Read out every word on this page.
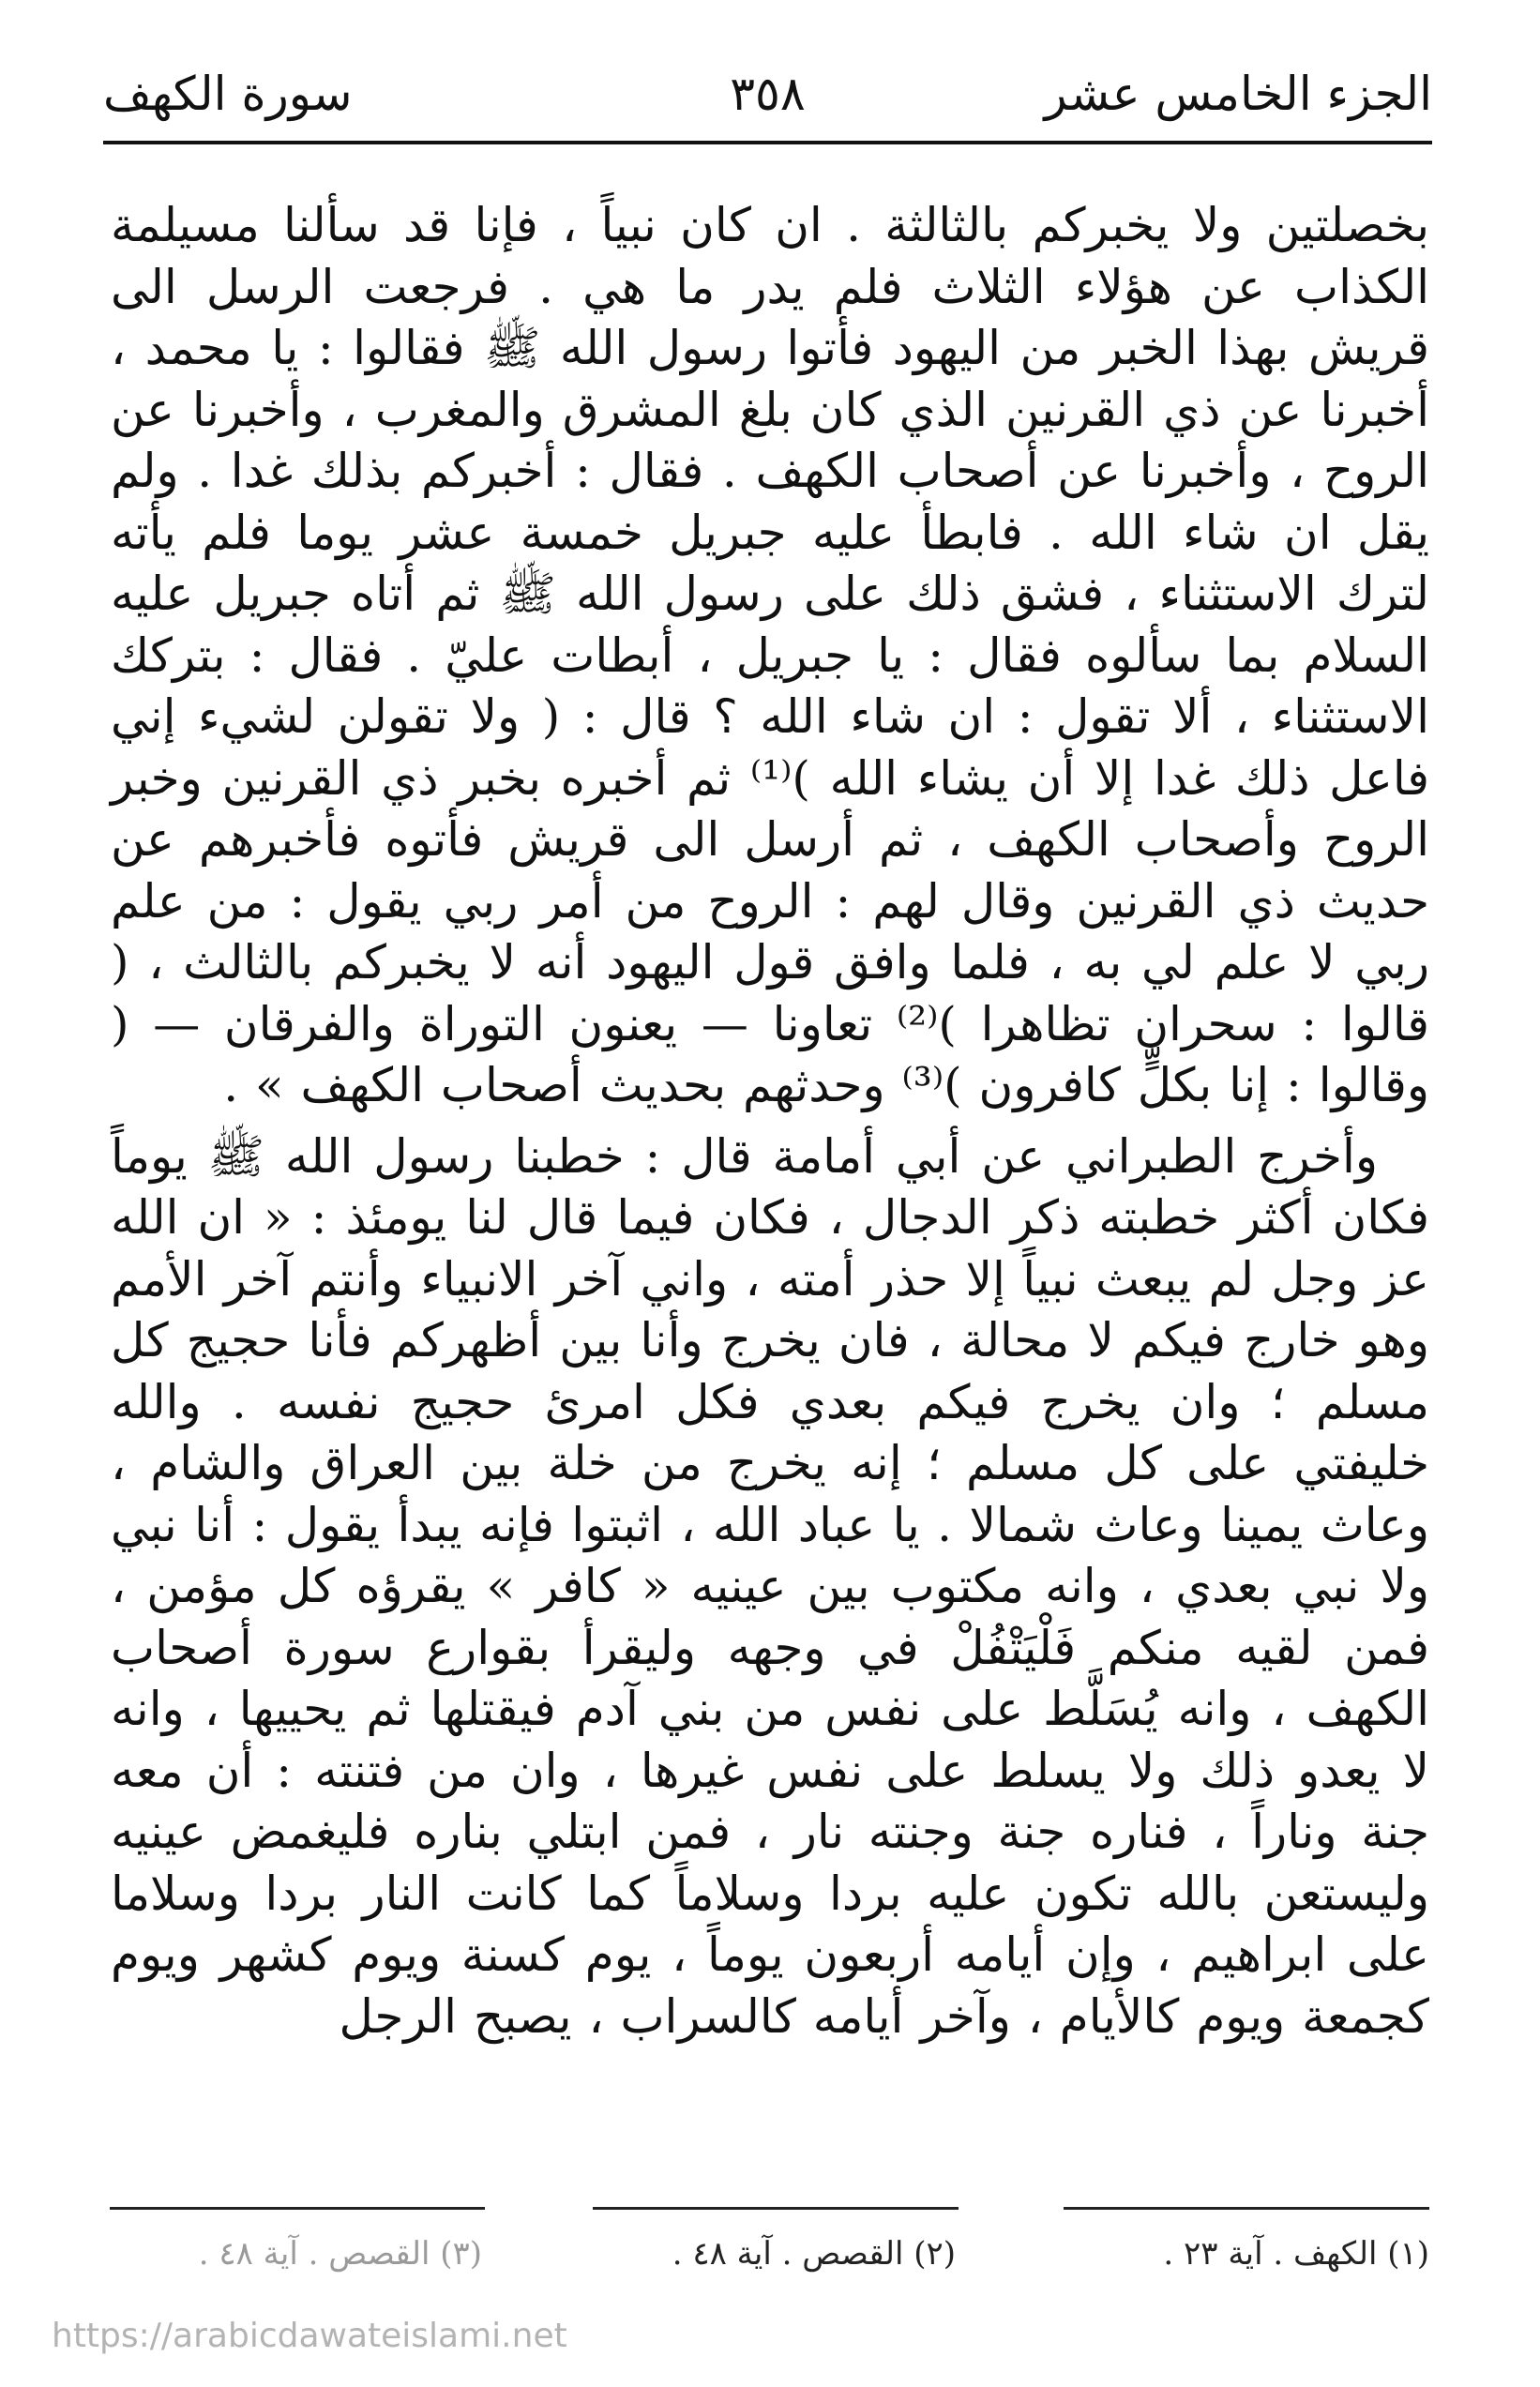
الجزء الخامس عشر
٣٥٨
سورة الكهف

بخصلتين ولا يخبركم بالثالثة . ان كان نبياً ، فإنا قد سألنا مسيلمة الكذاب عن هؤلاء الثلاث فلم يدر ما هي . فرجعت الرسل الى قريش بهذا الخبر من اليهود فأتوا رسول الله ﷺ فقالوا : يا محمد ، أخبرنا عن ذي القرنين الذي كان بلغ المشرق والمغرب ، وأخبرنا عن الروح ، وأخبرنا عن أصحاب الكهف . فقال : أخبركم بذلك غدا . ولم يقل ان شاء الله . فابطأ عليه جبريل خمسة عشر يوما فلم يأته لترك الاستثناء ، فشق ذلك على رسول الله ﷺ ثم أتاه جبريل عليه السلام بما سألوه فقال : يا جبريل ، أبطات عليّ . فقال : بتركك الاستثناء ، ألا تقول : ان شاء الله ؟ قال : ( ولا تقولن لشيء إني فاعل ذلك غدا إلا أن يشاء الله )⁽¹⁾ ثم أخبره بخبر ذي القرنين وخبر الروح وأصحاب الكهف ، ثم أرسل الى قريش فأتوه فأخبرهم عن حديث ذي القرنين وقال لهم : الروح من أمر ربي يقول : من علم ربي لا علم لي به ، فلما وافق قول اليهود أنه لا يخبركم بالثالث ، ( قالوا : سحران تظاهرا )⁽²⁾ تعاونا — يعنون التوراة والفرقان — ( وقالوا : إنا بكلٍّ كافرون )⁽³⁾ وحدثهم بحديث أصحاب الكهف » .

وأخرج الطبراني عن أبي أمامة قال : خطبنا رسول الله ﷺ يوماً فكان أكثر خطبته ذكر الدجال ، فكان فيما قال لنا يومئذ : « ان الله عز وجل لم يبعث نبياً إلا حذر أمته ، واني آخر الانبياء وأنتم آخر الأمم وهو خارج فيكم لا محالة ، فان يخرج وأنا بين أظهركم فأنا حجيج كل مسلم ؛ وان يخرج فيكم بعدي فكل امرئ حجيج نفسه . والله خليفتي على كل مسلم ؛ إنه يخرج من خلة بين العراق والشام ، وعاث يمينا وعاث شمالا . يا عباد الله ، اثبتوا فإنه يبدأ يقول : أنا نبي ولا نبي بعدي ، وانه مكتوب بين عينيه « كافر » يقرؤه كل مؤمن ، فمن لقيه منكم فَلْيَتْفُلْ في وجهه وليقرأ بقوارع سورة أصحاب الكهف ، وانه يُسَلَّط على نفس من بني آدم فيقتلها ثم يحييها ، وانه لا يعدو ذلك ولا يسلط على نفس غيرها ، وان من فتنته : أن معه جنة وناراً ، فناره جنة وجنته نار ، فمن ابتلي بناره فليغمض عينيه وليستعن بالله تكون عليه بردا وسلاماً كما كانت النار بردا وسلاما على ابراهيم ، وإن أيامه أربعون يوماً ، يوم كسنة ويوم كشهر ويوم كجمعة ويوم كالأيام ، وآخر أيامه كالسراب ، يصبح الرجل

(١) الكهف . آية ٢٣ .
(٢) القصص . آية ٤٨ .
(٣) القصص . آية ٤٨ .
https://arabicdawateislami.net
